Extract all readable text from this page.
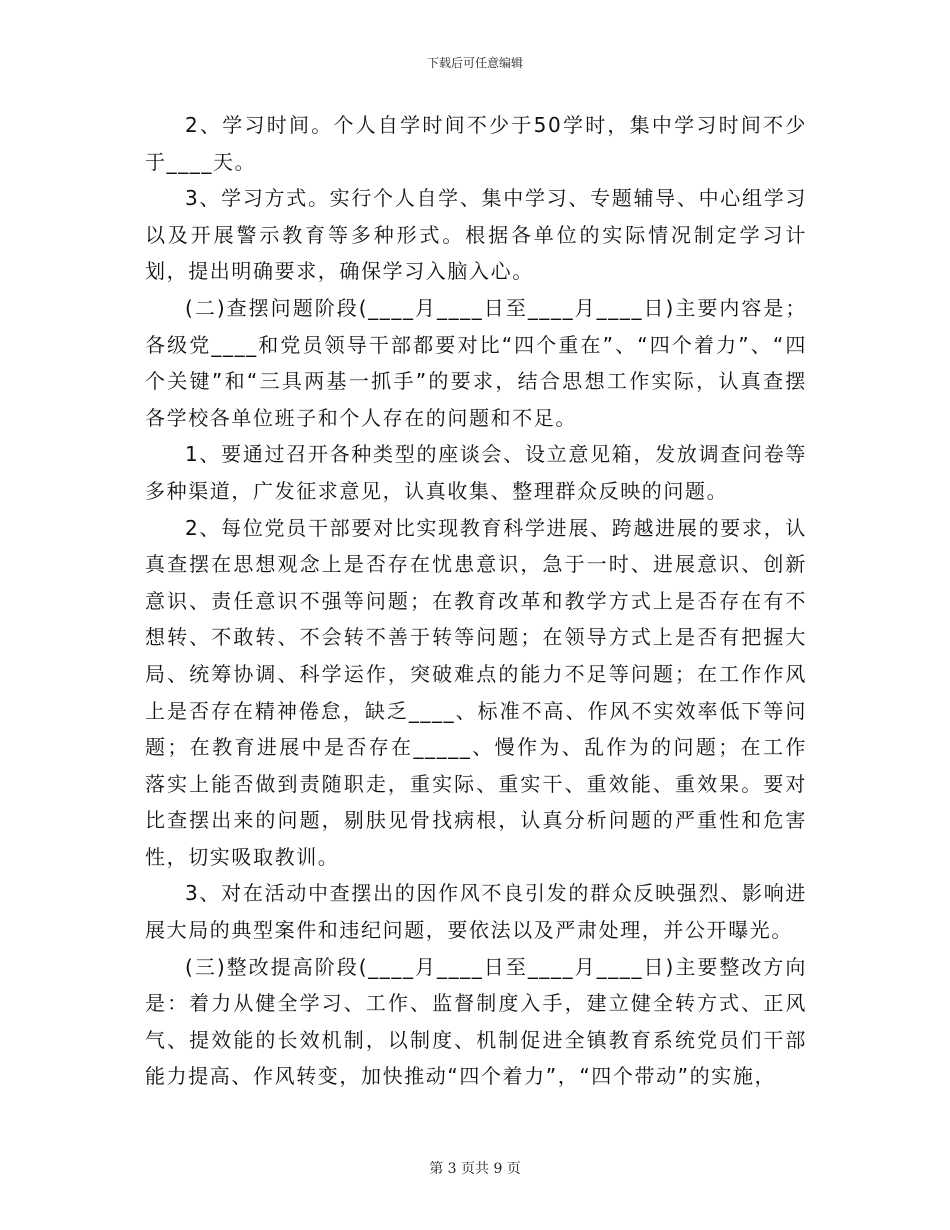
下载后可任意编辑

2、学习时间。个人自学时间不少于50学时，集中学习时间不少于____天。

3、学习方式。实行个人自学、集中学习、专题辅导、中心组学习以及开展警示教育等多种形式。根据各单位的实际情况制定学习计划，提出明确要求，确保学习入脑入心。

(二)查摆问题阶段(____月____日至____月____日)主要内容是；各级党____和党员领导干部都要对比“四个重在”、“四个着力”、“四个关键”和“三具两基一抓手”的要求，结合思想工作实际，认真查摆各学校各单位班子和个人存在的问题和不足。

1、要通过召开各种类型的座谈会、设立意见箱，发放调查问卷等多种渠道，广发征求意见，认真收集、整理群众反映的问题。

2、每位党员干部要对比实现教育科学进展、跨越进展的要求，认真查摆在思想观念上是否存在忧患意识，急于一时、进展意识、创新意识、责任意识不强等问题；在教育改革和教学方式上是否存在有不想转、不敢转、不会转不善于转等问题；在领导方式上是否有把握大局、统筹协调、科学运作，突破难点的能力不足等问题；在工作作风上是否存在精神倦怠，缺乏____、标准不高、作风不实效率低下等问题；在教育进展中是否存在_____、慢作为、乱作为的问题；在工作落实上能否做到责随职走，重实际、重实干、重效能、重效果。要对比查摆出来的问题，剔肤见骨找病根，认真分析问题的严重性和危害性，切实吸取教训。

3、对在活动中查摆出的因作风不良引发的群众反映强烈、影响进展大局的典型案件和违纪问题，要依法以及严肃处理，并公开曝光。

(三)整改提高阶段(____月____日至____月____日)主要整改方向是：着力从健全学习、工作、监督制度入手，建立健全转方式、正风气、提效能的长效机制，以制度、机制促进全镇教育系统党员们干部能力提高、作风转变，加快推动“四个着力”，“四个带动”的实施，

第 3 页共 9 页
